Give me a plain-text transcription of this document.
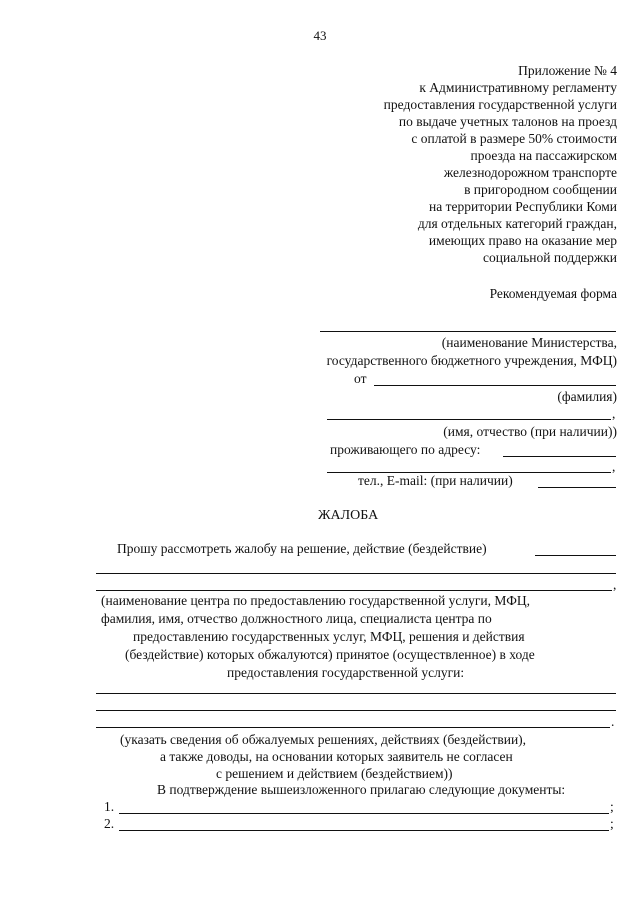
43
Приложение № 4
к Административному регламенту
предоставления государственной услуги
по выдаче учетных талонов на проезд
с оплатой в размере 50% стоимости
проезда на пассажирском
железнодорожном транспорте
в пригородном сообщении
на территории Республики Коми
для отдельных категорий граждан,
имеющих право на оказание мер
социальной поддержки
Рекомендуемая форма
(наименование Министерства,
государственного бюджетного учреждения, МФЦ)
от
(фамилия)
,
(имя, отчество (при наличии))
проживающего по адресу:
,
тел., E-mail: (при наличии)
ЖАЛОБА
Прошу рассмотреть жалобу на решение, действие (бездействие)
,
(наименование центра по предоставлению государственной услуги, МФЦ,
фамилия, имя, отчество должностного лица, специалиста центра по
предоставлению государственных услуг, МФЦ, решения и действия
(бездействие) которых обжалуются) принятое (осуществленное) в ходе
предоставления государственной услуги:
.
(указать сведения об обжалуемых решениях, действиях (бездействии),
а также доводы, на основании которых заявитель не согласен
с решением и действием (бездействием))
В подтверждение вышеизложенного прилагаю следующие документы:
1.	;
2.	;
